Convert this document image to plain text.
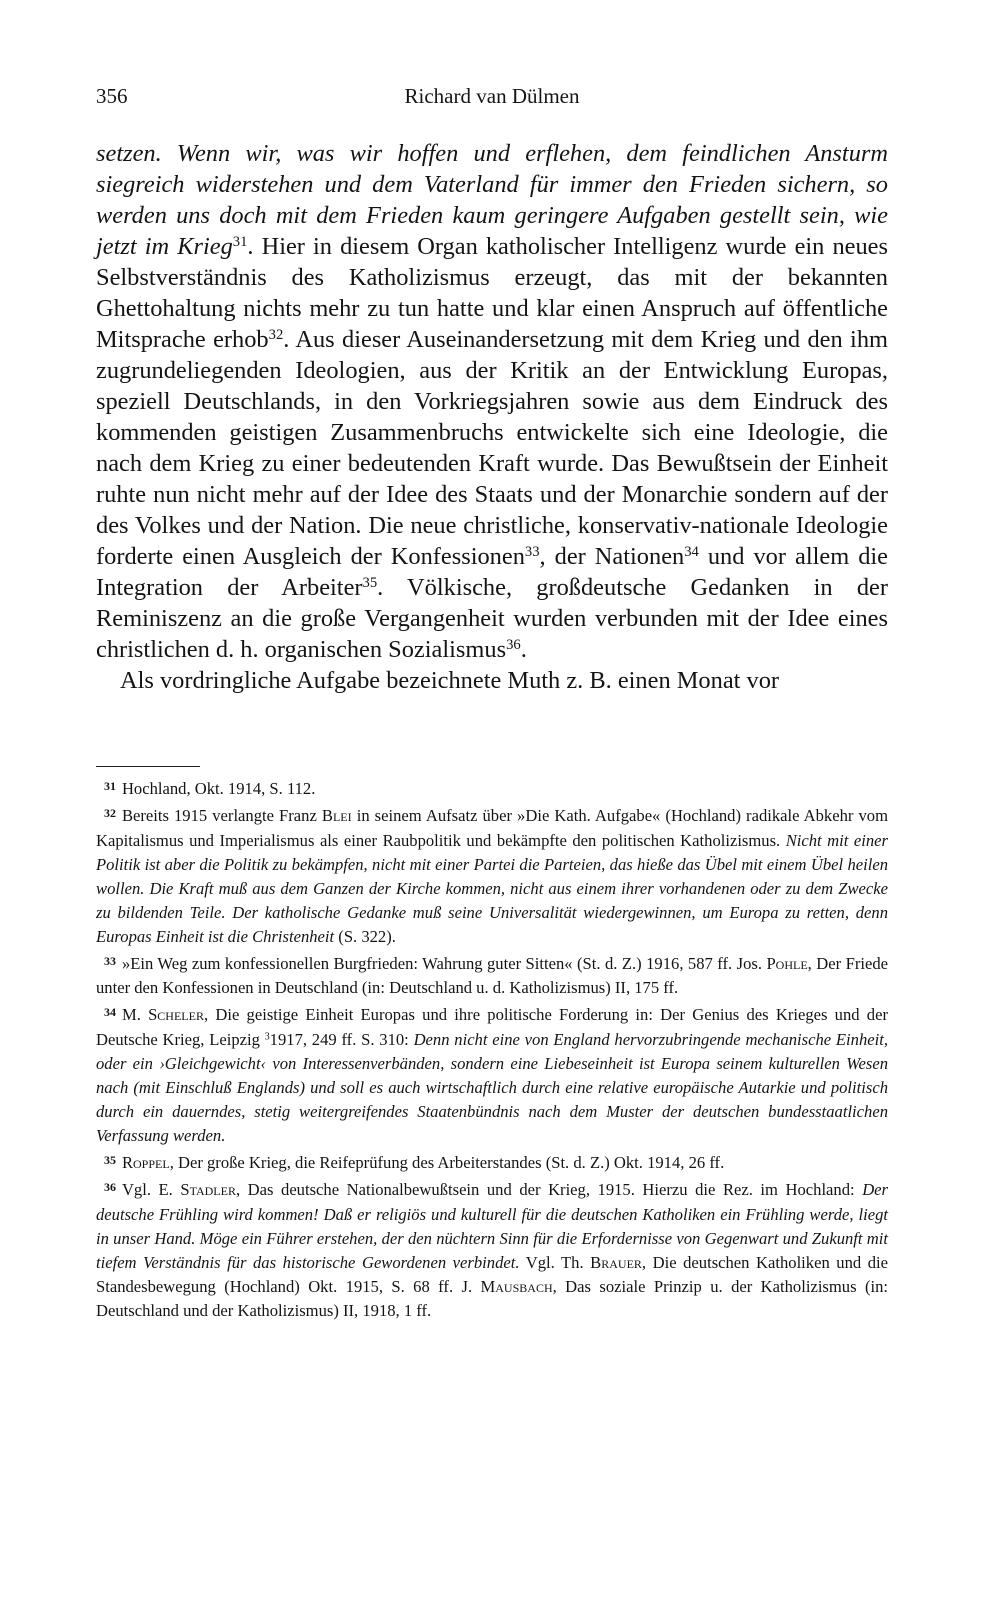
356	Richard van Dülmen

setzen. Wenn wir, was wir hoffen und erflehen, dem feindlichen Ansturm siegreich widerstehen und dem Vaterland für immer den Frieden sichern, so werden uns doch mit dem Frieden kaum geringere Aufgaben gestellt sein, wie jetzt im Krieg$^{31}$. Hier in diesem Organ katholischer Intelligenz wurde ein neues Selbstverständnis des Katholizismus erzeugt, das mit der bekannten Ghettohaltung nichts mehr zu tun hatte und klar einen Anspruch auf öffentliche Mitsprache erhob$^{32}$. Aus dieser Auseinandersetzung mit dem Krieg und den ihm zugrundeliegenden Ideologien, aus der Kritik an der Entwicklung Europas, speziell Deutschlands, in den Vorkriegsjahren sowie aus dem Eindruck des kommenden geistigen Zusammenbruchs entwickelte sich eine Ideologie, die nach dem Krieg zu einer bedeutenden Kraft wurde. Das Bewußtsein der Einheit ruhte nun nicht mehr auf der Idee des Staats und der Monarchie sondern auf der des Volkes und der Nation. Die neue christliche, konservativ-nationale Ideologie forderte einen Ausgleich der Konfessionen$^{33}$, der Nationen$^{34}$ und vor allem die Integration der Arbeiter$^{35}$. Völkische, großdeutsche Gedanken in der Reminiszenz an die große Vergangenheit wurden verbunden mit der Idee eines christlichen d. h. organischen Sozialismus$^{36}$.

Als vordringliche Aufgabe bezeichnete Muth z. B. einen Monat vor

$^{31}$ Hochland, Okt. 1914, S. 112.

$^{32}$ Bereits 1915 verlangte Franz Blei in seinem Aufsatz über »Die Kath. Aufgabe« (Hochland) radikale Abkehr vom Kapitalismus und Imperialismus als einer Raubpolitik und bekämpfte den politischen Katholizismus. Nicht mit einer Politik ist aber die Politik zu bekämpfen, nicht mit einer Partei die Parteien, das hieße das Übel mit einem Übel heilen wollen. Die Kraft muß aus dem Ganzen der Kirche kommen, nicht aus einem ihrer vorhandenen oder zu dem Zwecke zu bildenden Teile. Der katholische Gedanke muß seine Universalität wiedergewinnen, um Europa zu retten, denn Europas Einheit ist die Christenheit (S. 322).

$^{33}$ »Ein Weg zum konfessionellen Burgfrieden: Wahrung guter Sitten« (St. d. Z.) 1916, 587 ff. Jos. Pohle, Der Friede unter den Konfessionen in Deutschland (in: Deutschland u. d. Katholizismus) II, 175 ff.

$^{34}$ M. Scheler, Die geistige Einheit Europas und ihre politische Forderung in: Der Genius des Krieges und der Deutsche Krieg, Leipzig $^3$1917, 249 ff. S. 310: Denn nicht eine von England hervorzubringende mechanische Einheit, oder ein ›Gleichgewicht‹ von Interessenverbänden, sondern eine Liebeseinheit ist Europa seinem kulturellen Wesen nach (mit Einschluß Englands) und soll es auch wirtschaftlich durch eine relative europäische Autarkie und politisch durch ein dauerndes, stetig weitergreifendes Staatenbündnis nach dem Muster der deutschen bundesstaatlichen Verfassung werden.

$^{35}$ Roppel, Der große Krieg, die Reifeprüfung des Arbeiterstandes (St. d. Z.) Okt. 1914, 26 ff.

$^{36}$ Vgl. E. Stadler, Das deutsche Nationalbewußtsein und der Krieg, 1915. Hierzu die Rez. im Hochland: Der deutsche Frühling wird kommen! Daß er religiös und kulturell für die deutschen Katholiken ein Frühling werde, liegt in unser Hand. Möge ein Führer erstehen, der den nüchtern Sinn für die Erfordernisse von Gegenwart und Zukunft mit tiefem Verständnis für das historische Gewordenen verbindet. Vgl. Th. Brauer, Die deutschen Katholiken und die Standesbewegung (Hochland) Okt. 1915, S. 68 ff. J. Mausbach, Das soziale Prinzip u. der Katholizismus (in: Deutschland und der Katholizismus) II, 1918, 1 ff.
